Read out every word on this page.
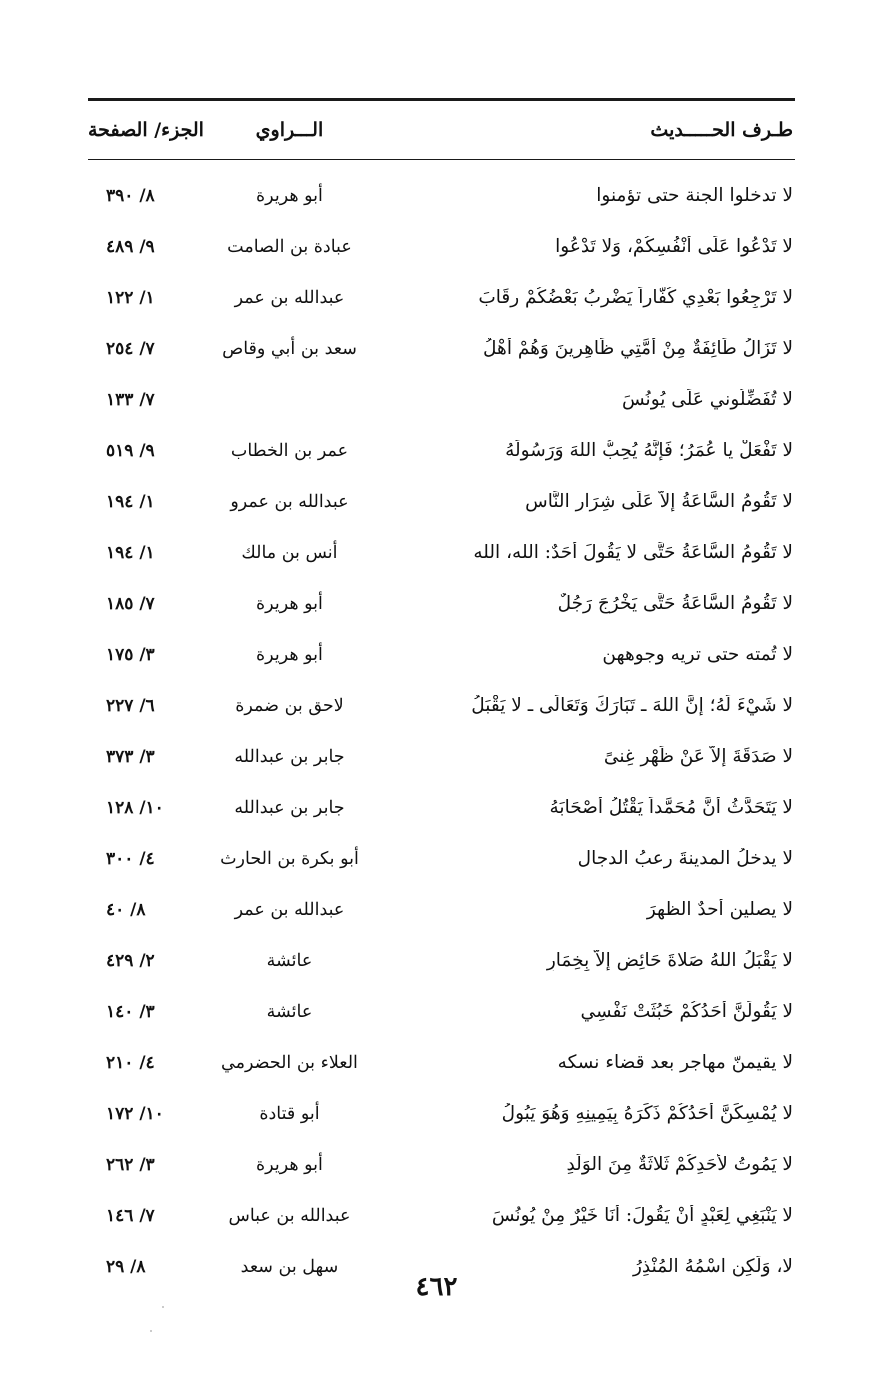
طـرف الحـــــديث
الـــراوي
الجزء/ الصفحة
لا تدخلوا الجنة حتى تؤمنوا
أبو هريرة
٨/ ٣٩٠
لا تَدْعُوا عَلَى أَنْفُسِكُمْ، وَلا تَدْعُوا
عبادة بن الصامت
٩/ ٤٨٩
لا تَرْجِعُوا بَعْدِي كُفَّاراً يَضْرِبُ بَعْضُكُمْ رِقَابَ
عبدالله بن عمر
١/ ١٢٢
لا تَزَالُ طَائِفَةٌ مِنْ أُمَّتِي ظَاهِرِينَ وَهُمْ أَهْلُ
سعد بن أبي وقاص
٧/ ٢٥٤
لا تُفَضِّلُوني عَلَى يُونُسَ
٧/ ١٣٣
لا تَفْعَلْ يا عُمَرُ؛ فَإِنَّهُ يُحِبُّ اللهَ وَرَسُولَهُ
عمر بن الخطاب
٩/ ٥١٩
لا تَقُومُ السَّاعَةُ إِلاَّ عَلَى شِرَارِ النَّاسِ
عبدالله بن عمرو
١/ ١٩٤
لا تَقُومُ السَّاعَةُ حَتَّى لا يَقُولَ أَحَدٌ: الله، الله
أنس بن مالك
١/ ١٩٤
لا تَقُومُ السَّاعَةُ حَتَّى يَخْرُجَ رَجُلٌ
أبو هريرة
٧/ ١٨٥
لا تُمته حتى تريه وجوههن
أبو هريرة
٣/ ١٧٥
لا شَيْءَ لَهُ؛ إِنَّ اللهَ ـ تَبَارَكَ وَتَعَالَى ـ لا يَقْبَلُ
لاحق بن ضمرة
٦/ ٢٢٧
لا صَدَقَةَ إِلاَّ عَنْ ظَهْرِ غِنىً
جابر بن عبدالله
٣/ ٣٧٣
لا يَتَحَدَّثُ أَنَّ مُحَمَّداً يَقْتُلُ أَصْحَابَهُ
جابر بن عبدالله
١٠/ ١٢٨
لا يدخلُ المدينةَ رعبُ الدجال
أبو بكرة بن الحارث
٤/ ٣٠٠
لا يصلين أحدٌ الظهرَ
عبدالله بن عمر
٨/ ٤٠
لا يَقْبَلُ اللهُ صَلاةَ حَائِضٍ إِلاَّ بِخِمَارٍ
عائشة
٢/ ٤٢٩
لا يَقُولَنَّ أَحَدُكُمْ خَبُثَتْ نَفْسِي
عائشة
٣/ ١٤٠
لا يقيمنّ مهاجر بعد قضاء نسكه
العلاء بن الحضرمي
٤/ ٢١٠
لا يُمْسِكَنَّ أَحَدُكُمْ ذَكَرَهُ بِيَمِينِهِ وَهُوَ يَبُولُ
أبو قتادة
١٠/ ١٧٢
لا يَمُوتُ لأَحَدِكُمْ ثَلاثَةٌ مِنَ الوَلَدِ
أبو هريرة
٣/ ٢٦٢
لا يَنْبَغِي لِعَبْدٍ أَنْ يَقُولَ: أَنَا خَيْرٌ مِنْ يُونُسَ
عبدالله بن عباس
٧/ ١٤٦
لا، وَلَكِنِ اسْمُهُ المُنْذِرُ
سهل بن سعد
٨/ ٢٩
٤٦٢
